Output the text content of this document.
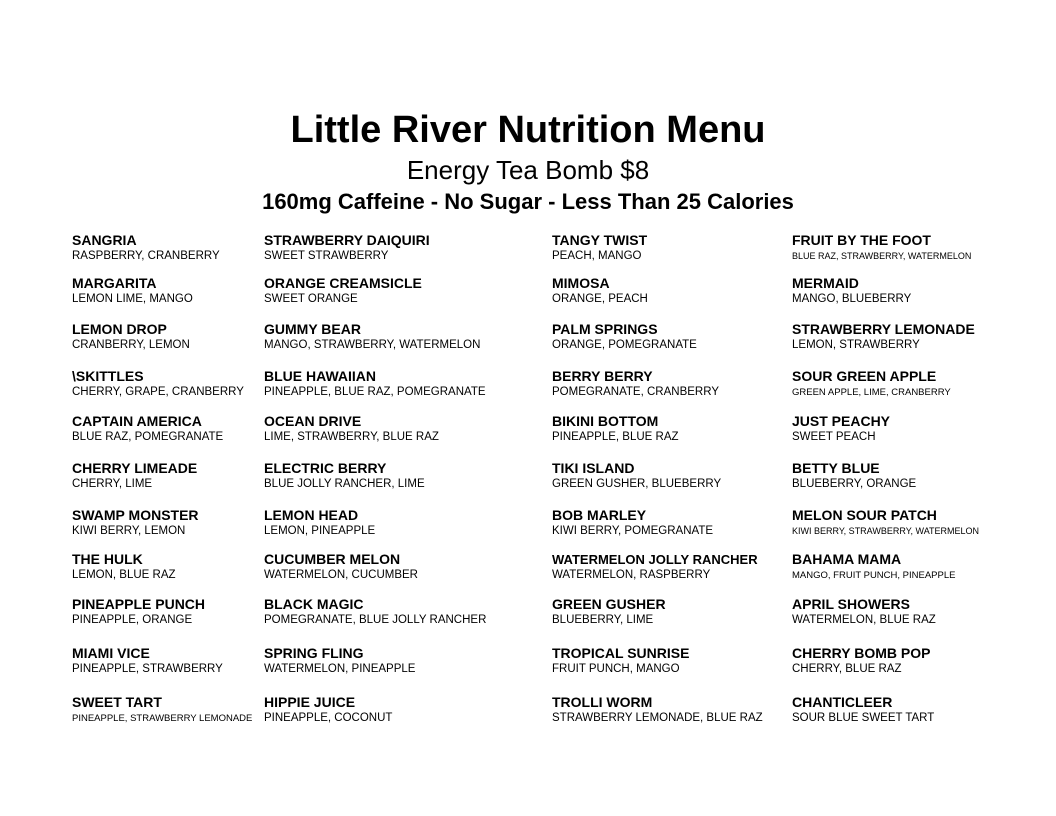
Little River Nutrition Menu
Energy Tea Bomb $8
160mg Caffeine - No Sugar - Less Than 25 Calories
SANGRIA
RASPBERRY, CRANBERRY
MARGARITA
LEMON LIME, MANGO
LEMON DROP
CRANBERRY, LEMON
\SKITTLES
CHERRY, GRAPE, CRANBERRY
CAPTAIN AMERICA
BLUE RAZ, POMEGRANATE
CHERRY LIMEADE
CHERRY, LIME
SWAMP MONSTER
KIWI BERRY, LEMON
THE HULK
LEMON, BLUE RAZ
PINEAPPLE PUNCH
PINEAPPLE, ORANGE
MIAMI VICE
PINEAPPLE, STRAWBERRY
SWEET TART
PINEAPPLE, STRAWBERRY LEMONADE
STRAWBERRY DAIQUIRI
SWEET STRAWBERRY
ORANGE CREAMSICLE
SWEET ORANGE
GUMMY BEAR
MANGO, STRAWBERRY, WATERMELON
BLUE HAWAIIAN
PINEAPPLE, BLUE RAZ, POMEGRANATE
OCEAN DRIVE
LIME, STRAWBERRY, BLUE RAZ
ELECTRIC BERRY
BLUE JOLLY RANCHER, LIME
LEMON HEAD
LEMON, PINEAPPLE
CUCUMBER MELON
WATERMELON, CUCUMBER
BLACK MAGIC
POMEGRANATE, BLUE JOLLY RANCHER
SPRING FLING
WATERMELON, PINEAPPLE
HIPPIE JUICE
PINEAPPLE, COCONUT
TANGY TWIST
PEACH, MANGO
MIMOSA
ORANGE, PEACH
PALM SPRINGS
ORANGE, POMEGRANATE
BERRY BERRY
POMEGRANATE, CRANBERRY
BIKINI BOTTOM
PINEAPPLE, BLUE RAZ
TIKI ISLAND
GREEN GUSHER, BLUEBERRY
BOB MARLEY
KIWI BERRY, POMEGRANATE
WATERMELON JOLLY RANCHER
WATERMELON, RASPBERRY
GREEN GUSHER
BLUEBERRY, LIME
TROPICAL SUNRISE
FRUIT PUNCH, MANGO
TROLLI WORM
STRAWBERRY LEMONADE, BLUE RAZ
FRUIT BY THE FOOT
BLUE RAZ, STRAWBERRY, WATERMELON
MERMAID
MANGO, BLUEBERRY
STRAWBERRY LEMONADE
LEMON, STRAWBERRY
SOUR GREEN APPLE
GREEN APPLE, LIME, CRANBERRY
JUST PEACHY
SWEET PEACH
BETTY BLUE
BLUEBERRY, ORANGE
MELON SOUR PATCH
KIWI BERRY, STRAWBERRY, WATERMELON
BAHAMA MAMA
MANGO, FRUIT PUNCH, PINEAPPLE
APRIL SHOWERS
WATERMELON, BLUE RAZ
CHERRY BOMB POP
CHERRY, BLUE RAZ
CHANTICLEER
SOUR BLUE SWEET TART
